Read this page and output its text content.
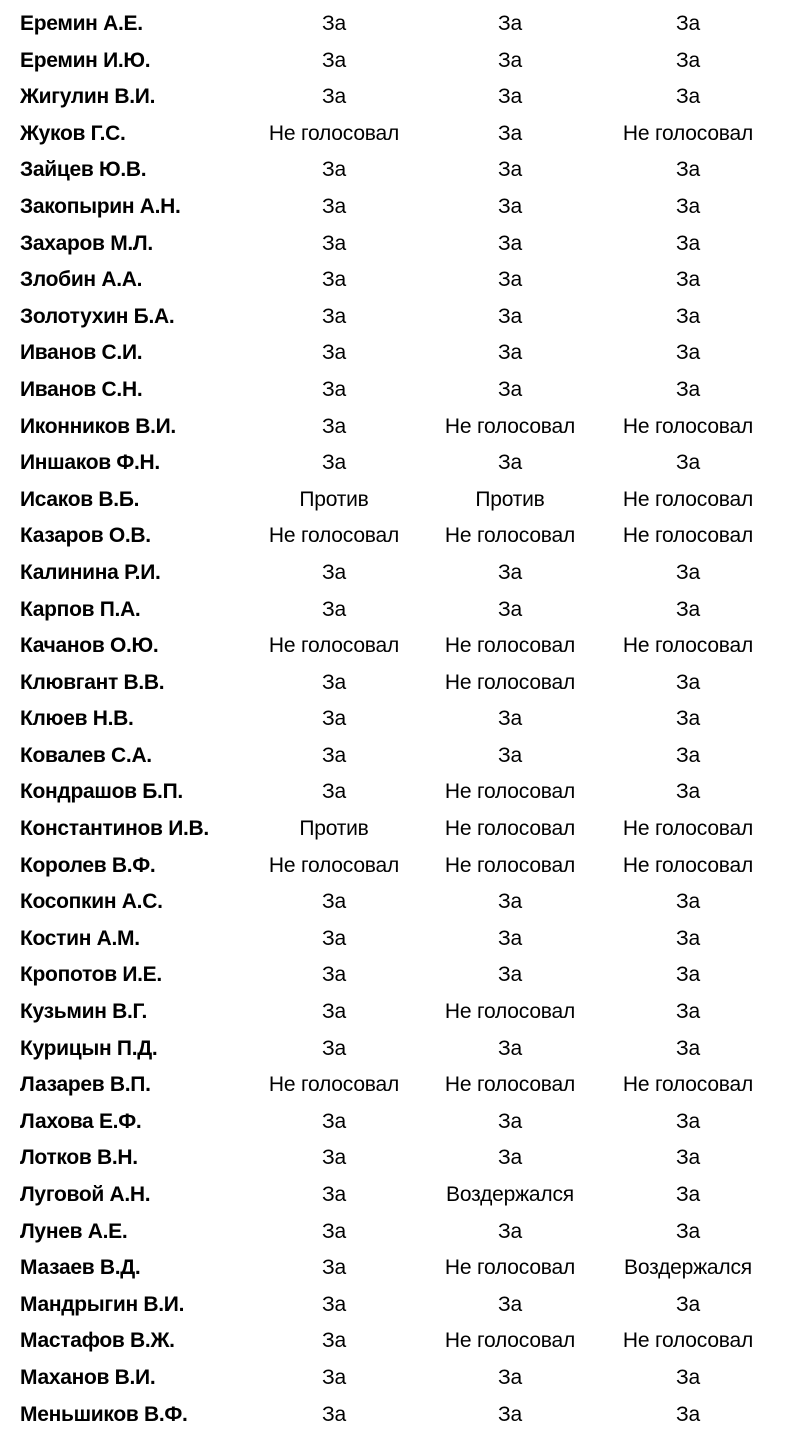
Еремин А.Е.	За	За	За
Еремин И.Ю.	За	За	За
Жигулин В.И.	За	За	За
Жуков Г.С.	Не голосовал	За	Не голосовал
Зайцев Ю.В.	За	За	За
Закопырин А.Н.	За	За	За
Захаров М.Л.	За	За	За
Злобин А.А.	За	За	За
Золотухин Б.А.	За	За	За
Иванов С.И.	За	За	За
Иванов С.Н.	За	За	За
Иконников В.И.	За	Не голосовал	Не голосовал
Иншаков Ф.Н.	За	За	За
Исаков В.Б.	Против	Против	Не голосовал
Казаров О.В.	Не голосовал	Не голосовал	Не голосовал
Калинина Р.И.	За	За	За
Карпов П.А.	За	За	За
Качанов О.Ю.	Не голосовал	Не голосовал	Не голосовал
Клювгант В.В.	За	Не голосовал	За
Клюев Н.В.	За	За	За
Ковалев С.А.	За	За	За
Кондрашов Б.П.	За	Не голосовал	За
Константинов И.В.	Против	Не голосовал	Не голосовал
Королев В.Ф.	Не голосовал	Не голосовал	Не голосовал
Косопкин А.С.	За	За	За
Костин А.М.	За	За	За
Кропотов И.Е.	За	За	За
Кузьмин В.Г.	За	Не голосовал	За
Курицын П.Д.	За	За	За
Лазарев В.П.	Не голосовал	Не голосовал	Не голосовал
Лахова Е.Ф.	За	За	За
Лотков В.Н.	За	За	За
Луговой А.Н.	За	Воздержался	За
Лунев А.Е.	За	За	За
Мазаев В.Д.	За	Не голосовал	Воздержался
Мандрыгин В.И.	За	За	За
Мастафов В.Ж.	За	Не голосовал	Не голосовал
Маханов В.И.	За	За	За
Меньшиков В.Ф.	За	За	За
